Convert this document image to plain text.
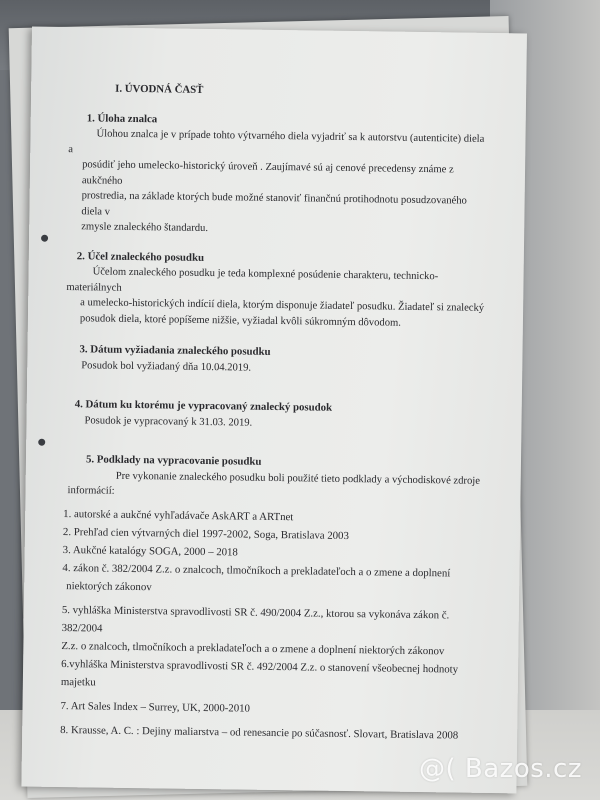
I. ÚVODNÁ ČASŤ

1. Úloha znalca

Úlohou znalca je v prípade tohto výtvarného diela vyjadriť sa k autorstvu (autenticite) diela a

posúdiť jeho umelecko-historický úroveň . Zaujímavé sú aj cenové precedensy známe z aukčného

prostredia, na základe ktorých bude možné stanoviť finančnú protihodnotu posudzovaného diela v

zmysle znaleckého štandardu.

2. Účel znaleckého posudku

Účelom znaleckého posudku je teda komplexné posúdenie charakteru, technicko-materiálnych

a umelecko-historických indícií diela, ktorým disponuje žiadateľ posudku. Žiadateľ si znalecký

posudok diela, ktoré popíšeme nižšie, vyžiadal kvôli súkromným dôvodom.

3. Dátum vyžiadania znaleckého posudku

Posudok bol vyžiadaný dňa 10.04.2019.

4. Dátum ku ktorému je vypracovaný znalecký posudok

Posudok je vypracovaný k 31.03. 2019.

5. Podklady na vypracovanie posudku

Pre vykonanie znaleckého posudku boli použité tieto podklady a východiskové zdroje

informácií:

1. autorské a aukčné vyhľadávače AskART a ARTnet

2. Prehľad cien výtvarných diel 1997-2002, Soga, Bratislava 2003

3. Aukčné katalógy SOGA, 2000 – 2018

4. zákon č. 382/2004 Z.z. o znalcoch, tlmočníkoch a prekladateľoch a o zmene a doplnení

niektorých zákonov

5. vyhláška Ministerstva spravodlivosti SR č. 490/2004 Z.z., ktorou sa vykonáva zákon č. 382/2004

Z.z. o znalcoch, tlmočníkoch a prekladateľoch a o zmene a doplnení niektorých zákonov

6.vyhláška Ministerstva spravodlivosti SR č. 492/2004 Z.z. o stanovení všeobecnej hodnoty

majetku

7. Art Sales Index – Surrey, UK, 2000-2010

8. Krausse, A. C. : Dejiny maliarstva – od renesancie po súčasnosť. Slovart, Bratislava 2008

@( Bazos.cz
